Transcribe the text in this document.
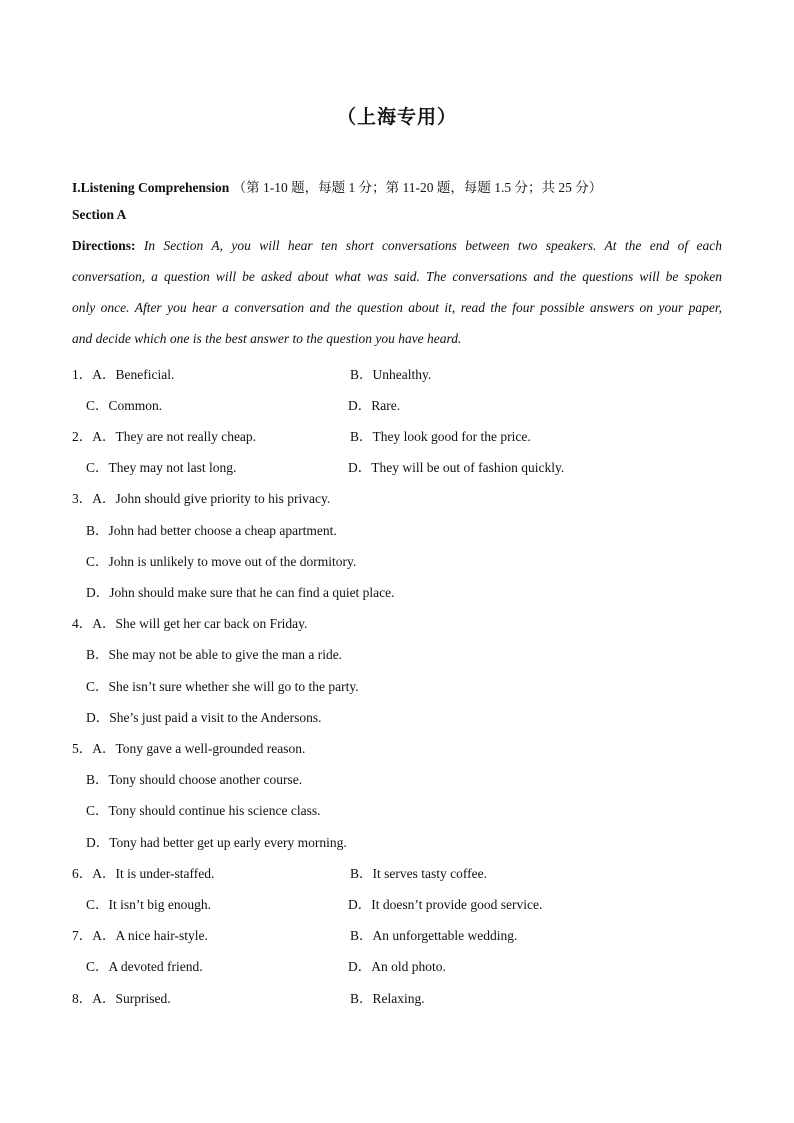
（上海专用）
I.Listening Comprehension （第 1-10 题，每题 1 分；第 11-20 题，每题 1.5 分；共 25 分）
Section A
Directions: In Section A, you will hear ten short conversations between two speakers. At the end of each
conversation, a question will be asked about what was said. The conversations and the questions will be spoken
only once. After you hear a conversation and the question about it, read the four possible answers on your paper,
and decide which one is the best answer to the question you have heard.
1．A．Beneficial.	B．Unhealthy.
C．Common.	D．Rare.
2．A．They are not really cheap.	B．They look good for the price.
C．They may not last long.	D．They will be out of fashion quickly.
3．A．John should give priority to his privacy.
B．John had better choose a cheap apartment.
C．John is unlikely to move out of the dormitory.
D．John should make sure that he can find a quiet place.
4．A．She will get her car back on Friday.
B．She may not be able to give the man a ride.
C．She isn’t sure whether she will go to the party.
D．She’s just paid a visit to the Andersons.
5．A．Tony gave a well-grounded reason.
B．Tony should choose another course.
C．Tony should continue his science class.
D．Tony had better get up early every morning.
6．A．It is under-staffed.	B．It serves tasty coffee.
C．It isn’t big enough.	D．It doesn’t provide good service.
7．A．A nice hair-style.	B．An unforgettable wedding.
C．A devoted friend.	D．An old photo.
8．A．Surprised.	B．Relaxing.
